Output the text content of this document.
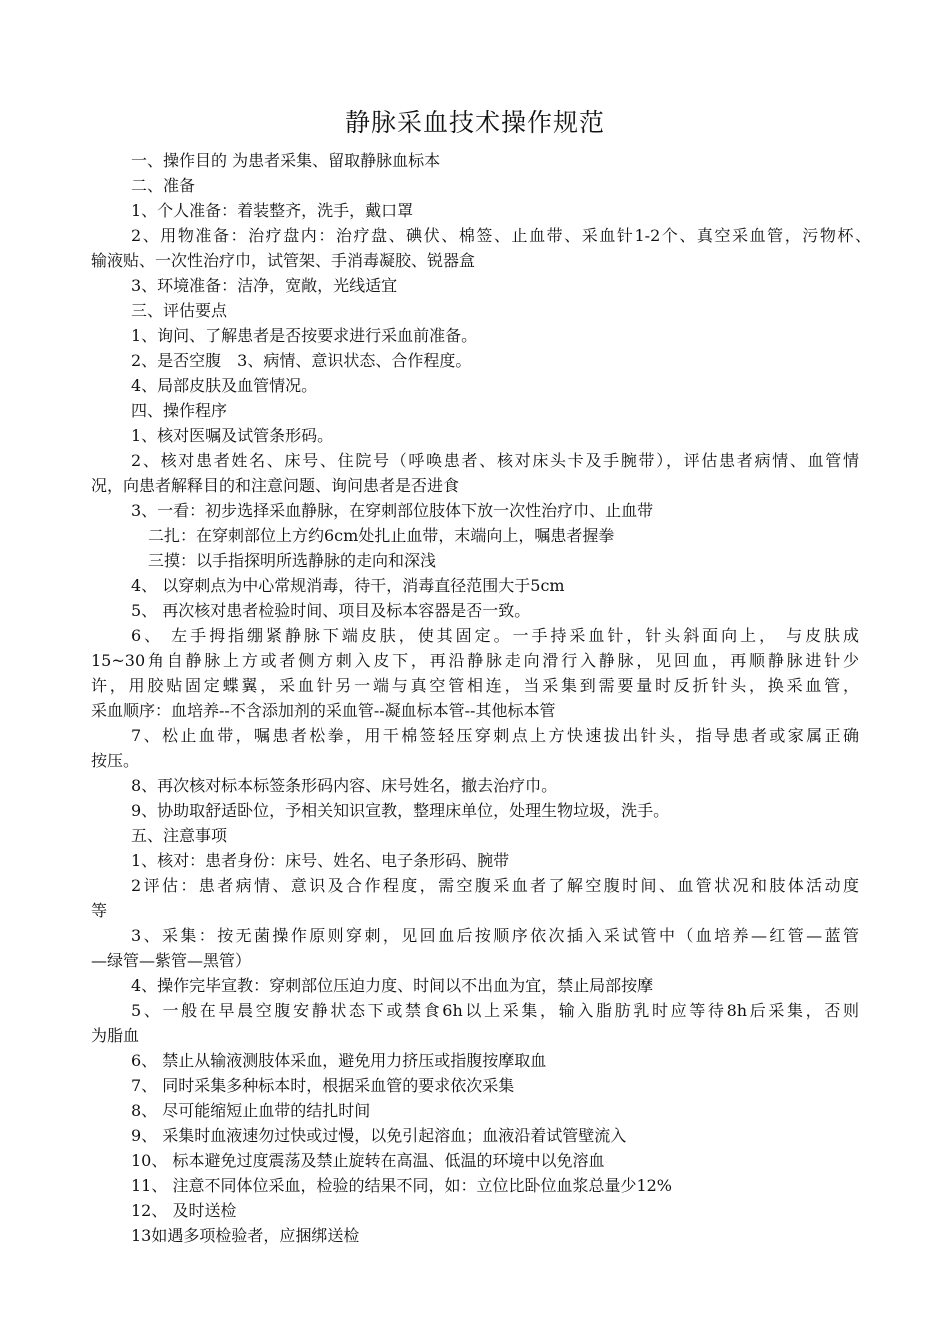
静脉采血技术操作规范
一、操作目的 为患者采集、留取静脉血标本
二、准备
1、个人准备：着装整齐，洗手，戴口罩
2、用物准备：治疗盘内：治疗盘、碘伏、棉签、止血带、采血针1-2个、真空采血管，污物杯、
输液贴、一次性治疗巾，试管架、手消毒凝胶、锐器盒
3、环境准备：洁净，宽敞，光线适宜
三、评估要点
1、询问、了解患者是否按要求进行采血前准备。
2、是否空腹　3、病情、意识状态、合作程度。
4、局部皮肤及血管情况。
四、操作程序
1、核对医嘱及试管条形码。
2、核对患者姓名、床号、住院号（呼唤患者、核对床头卡及手腕带），评估患者病情、血管情
况，向患者解释目的和注意问题、询问患者是否进食
3、一看：初步选择采血静脉，在穿刺部位肢体下放一次性治疗巾、止血带
二扎：在穿刺部位上方约6cm处扎止血带，末端向上，嘱患者握拳
三摸：以手指探明所选静脉的走向和深浅
4、 以穿刺点为中心常规消毒，待干，消毒直径范围大于5cm
5、 再次核对患者检验时间、项目及标本容器是否一致。
6、 左手拇指绷紧静脉下端皮肤，使其固定。一手持采血针，针头斜面向上， 与皮肤成
15~30角自静脉上方或者侧方刺入皮下，再沿静脉走向滑行入静脉，见回血，再顺静脉进针少
许，用胶贴固定蝶翼，采血针另一端与真空管相连，当采集到需要量时反折针头，换采血管，
采血顺序：血培养--不含添加剂的采血管--凝血标本管--其他标本管
7、松止血带，嘱患者松拳，用干棉签轻压穿刺点上方快速拔出针头，指导患者或家属正确
按压。
8、再次核对标本标签条形码内容、床号姓名，撤去治疗巾。
9、协助取舒适卧位，予相关知识宣教，整理床单位，处理生物垃圾，洗手。
五、注意事项
1、核对：患者身份：床号、姓名、电子条形码、腕带
2评估：患者病情、意识及合作程度，需空腹采血者了解空腹时间、血管状况和肢体活动度
等
3、采集：按无菌操作原则穿刺，见回血后按顺序依次插入采试管中（血培养—红管—蓝管
—绿管—紫管—黑管）
4、操作完毕宣教：穿刺部位压迫力度、时间以不出血为宜，禁止局部按摩
5、一般在早晨空腹安静状态下或禁食6h以上采集，输入脂肪乳时应等待8h后采集，否则
为脂血
6、 禁止从输液测肢体采血，避免用力挤压或指腹按摩取血
7、 同时采集多种标本时，根据采血管的要求依次采集
8、 尽可能缩短止血带的结扎时间
9、 采集时血液速勿过快或过慢，以免引起溶血；血液沿着试管壁流入
10、 标本避免过度震荡及禁止旋转在高温、低温的环境中以免溶血
11、 注意不同体位采血，检验的结果不同，如：立位比卧位血浆总量少12%
12、 及时送检
13如遇多项检验者，应捆绑送检
